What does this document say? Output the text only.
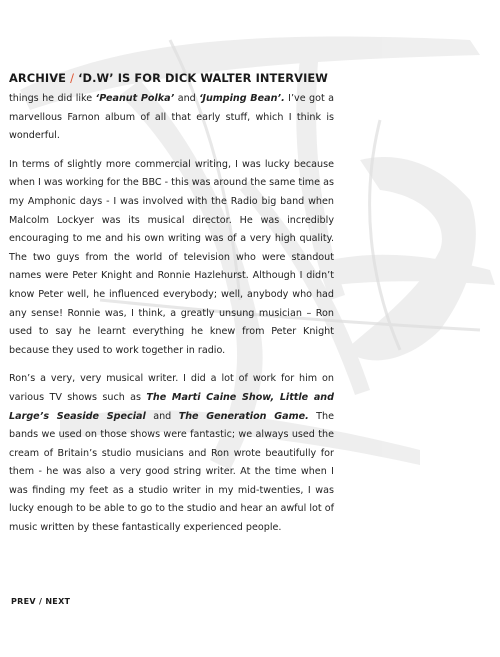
ARCHIVE / ‘D.W’ IS FOR DICK WALTER INTERVIEW

things he did like ‘Peanut Polka’ and ‘Jumping Bean’. I’ve got a marvellous Farnon album of all that early stuff, which I think is wonderful.

In terms of slightly more commercial writing, I was lucky because when I was working for the BBC - this was around the same time as my Amphonic days - I was involved with the Radio big band when Malcolm Lockyer was its musical director. He was incredibly encouraging to me and his own writing was of a very high quality. The two guys from the world of television who were standout names were Peter Knight and Ronnie Hazlehurst. Although I didn’t know Peter well, he influenced everybody; well, anybody who had any sense! Ronnie was, I think, a greatly unsung musician – Ron used to say he learnt everything he knew from Peter Knight because they used to work together in radio.

Ron’s a very, very musical writer. I did a lot of work for him on various TV shows such as The Marti Caine Show, Little and Large’s Seaside Special and The Generation Game. The bands we used on those shows were fantastic; we always used the cream of Britain’s studio musicians and Ron wrote beautifully for them - he was also a very good string writer. At the time when I was finding my feet as a studio writer in my mid-twenties, I was lucky enough to be able to go to the studio and hear an awful lot of music written by these fantastically experienced people.

PREV / NEXT
